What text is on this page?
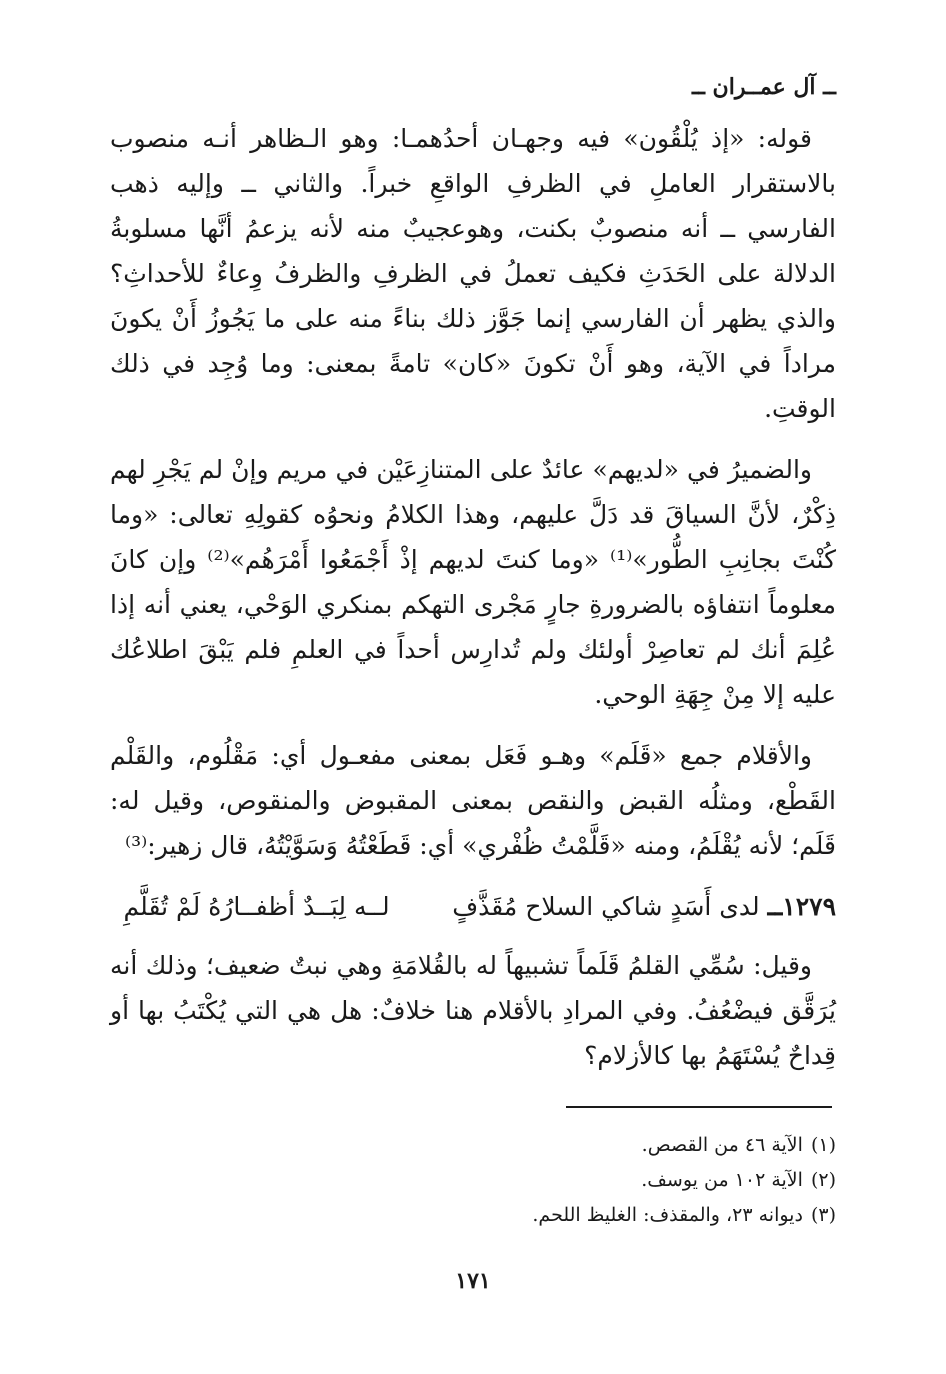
ــ آل عمــران ــ

قوله: «إذ يُلْقُون» فيه وجهـان أحدُهمـا: وهو الـظاهر أنـه منصوب بالاستقرار العاملِ في الظرفِ الواقعِ خبراً. والثاني ــ وإليه ذهب الفارسي ــ أنه منصوبٌ بكنت، وهوعجيبٌ منه لأنه يزعمُ أنَّها مسلوبةُ الدلالة على الحَدَثِ فكيف تعملُ في الظرفِ والظرفُ وِعاءٌ للأحداثِ؟ والذي يظهر أن الفارسي إنما جَوَّز ذلك بناءً منه على ما يَجُوزُ أَنْ يكونَ مراداً في الآية، وهو أَنْ تكونَ «كان» تامةً بمعنى: وما وُجِد في ذلك الوقتِ.

والضميرُ في «لديهم» عائدٌ على المتنازِعَيْن في مريم وإنْ لم يَجْرِ لهم ذِكْرٌ، لأنَّ السياقَ قد دَلَّ عليهم، وهذا الكلامُ ونحوُه كقولِهِ تعالى: «وما كُنْتَ بجانِبِ الطُّور»⁽¹⁾ «وما كنتَ لديهم إذْ أَجْمَعُوا أَمْرَهُم»⁽²⁾ وإن كانَ معلوماً انتفاؤه بالضرورةِ جارٍ مَجْرى التهكم بمنكري الوَحْي، يعني أنه إذا عُلِمَ أنك لم تعاصِرْ أولئك ولم تُدارِس أحداً في العلمِ فلم يَبْقَ اطلاعُك عليه إلا مِنْ جِهَةِ الوحي.

والأقلام جمع «قَلَم» وهـو فَعَل بمعنى مفعـول أي: مَقْلُوم، والقَلْم القَطْع، ومثلُه القبض والنقص بمعنى المقبوض والمنقوص، وقيل له: قَلَم؛ لأنه يُقْلَمُ، ومنه «قَلَّمْتُ ظُفْري» أي: قَطَعْتُهُ وَسَوَّيْتُهُ، قال زهير:⁽³⁾

١٢٧٩ــ
لدى أَسَدٍ شاكي السلاح مُقَذَّفٍ
لــه لِبَــدٌ أظفــارُهُ لَمْ تُقَلَّمِ

وقيل: سُمِّي القلمُ قَلَماً تشبيهاً له بالقُلامَةِ وهي نبتٌ ضعيف؛ وذلك أنه يُرَقَّق فيضْعُفُ. وفي المرادِ بالأقلام هنا خلافٌ: هل هي التي يُكْتَبُ بها أو قِداحٌ يُسْتَهَمُ بها كالأزلام؟

(١)الآية ٤٦ من القصص.
(٢)الآية ١٠٢ من يوسف.
(٣)ديوانه ٢٣، والمقذف: الغليظ اللحم.
١٧١
